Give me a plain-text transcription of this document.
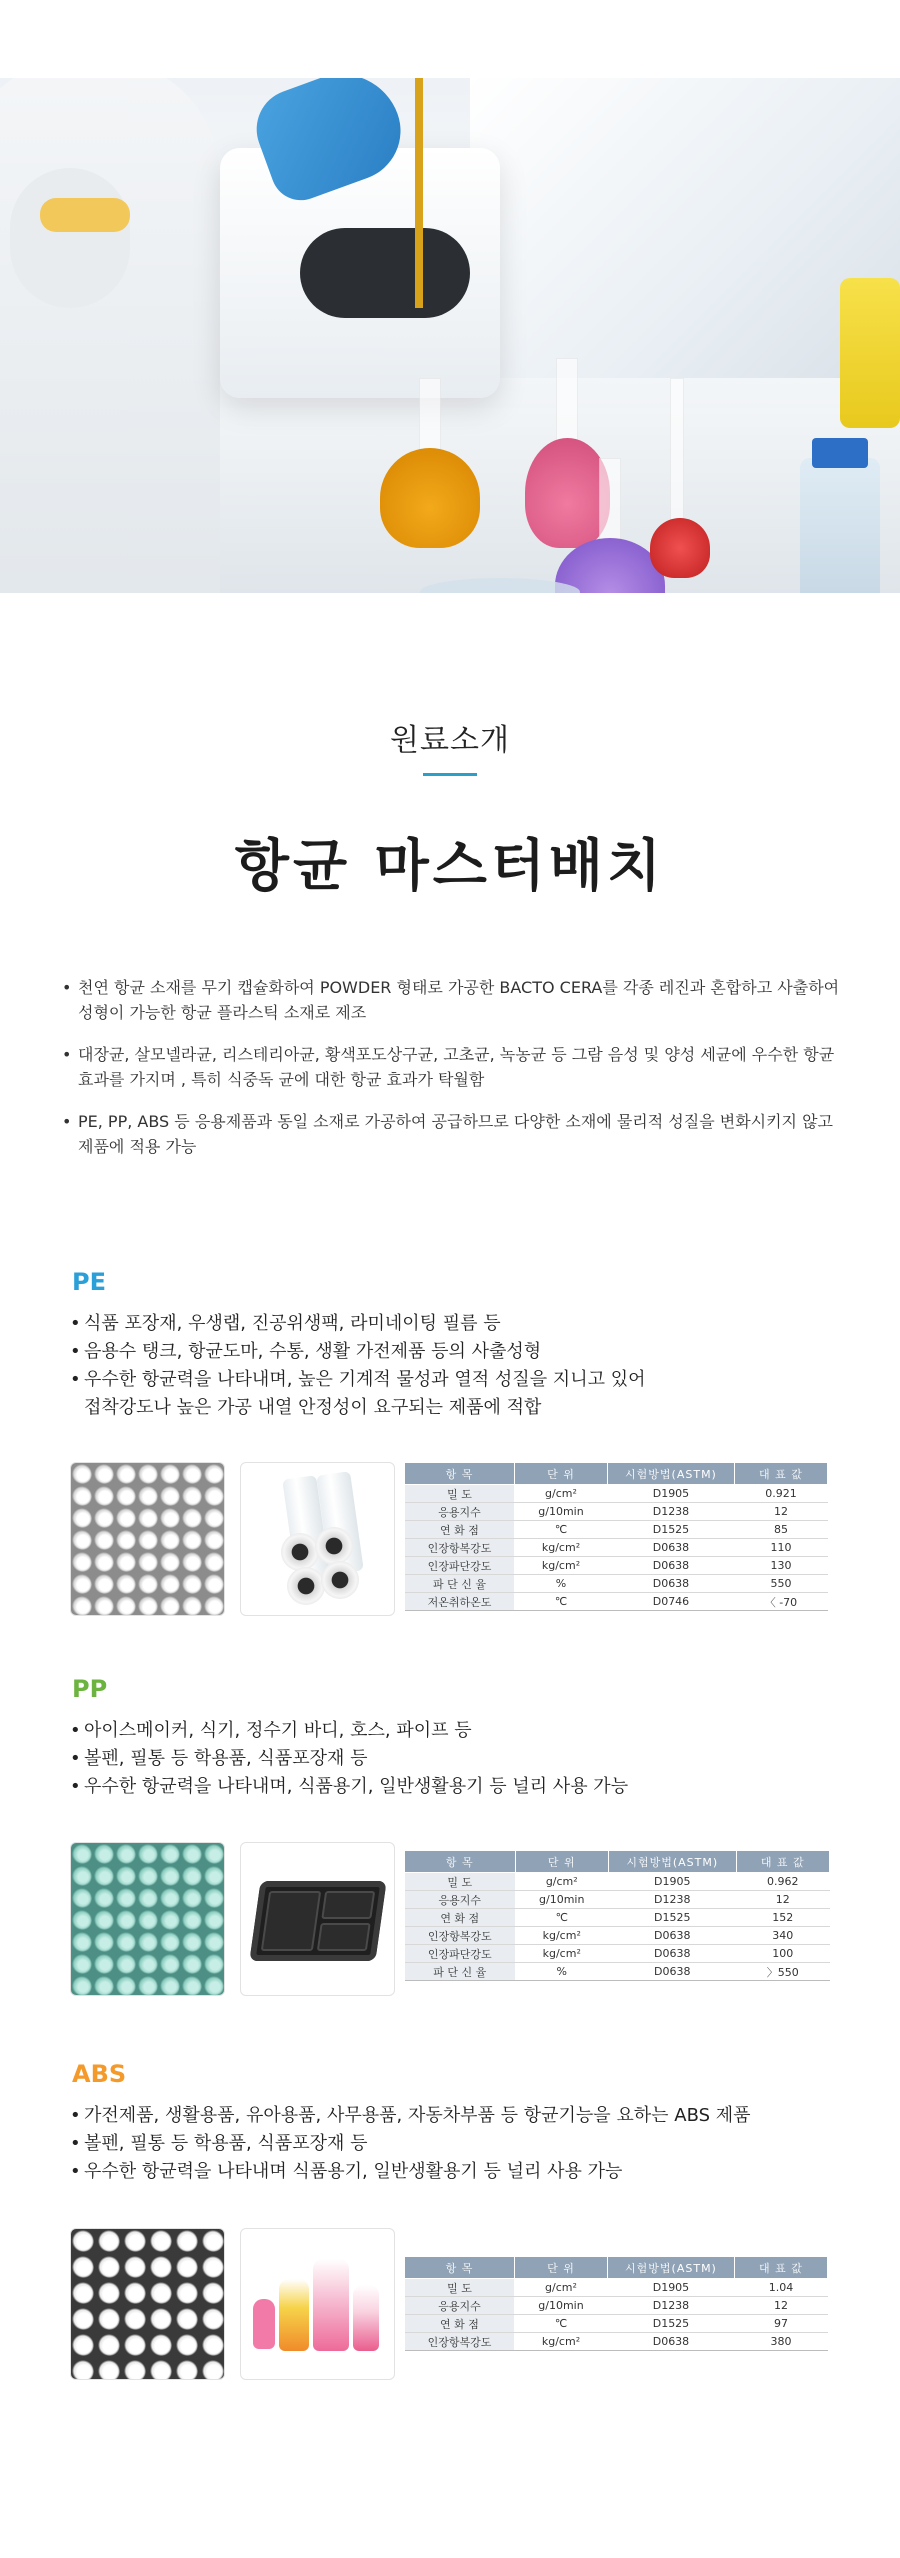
원료소개
항균 마스터배치
• 천연 항균 소재를 무기 캡슐화하여 POWDER 형태로 가공한 BACTO CERA를 각종 레진과 혼합하고 사출하여 성형이 가능한 항균 플라스틱 소재로 제조
• 대장균, 살모넬라균, 리스테리아균, 황색포도상구균, 고초균, 녹농균 등 그람 음성 및 양성 세균에 우수한 항균 효과를 가지며 , 특히 식중독 균에 대한 항균 효과가 탁월함
• PE, PP, ABS 등 응용제품과 동일 소재로 가공하여 공급하므로 다양한 소재에 물리적 성질을 변화시키지 않고 제품에 적용 가능
PE
• 식품 포장재, 우생랩, 진공위생팩, 라미네이팅 필름 등
• 음용수 탱크, 항균도마, 수통, 생활 가전제품 등의 사출성형
• 우수한 항균력을 나타내며, 높은 기계적 물성과 열적 성질을 지니고 있어
접착강도나 높은 가공 내열 안정성이 요구되는 제품에 적합
항 목	단 위	시험방법(ASTM)	대 표 값
밀 도	g/cm²	D1905	0.921
응용지수	g/10min	D1238	12
연 화 점	℃	D1525	85
인장항복강도	kg/cm²	D0638	110
인장파단강도	kg/cm²	D0638	130
파 단 신 율	%	D0638	550
저온취하온도	℃	D0746	〈 -70
PP
• 아이스메이커, 식기, 정수기 바디, 호스, 파이프 등
• 볼펜, 필통 등 학용품, 식품포장재 등
• 우수한 항균력을 나타내며, 식품용기, 일반생활용기 등 널리 사용 가능
항 목	단 위	시험방법(ASTM)	대 표 값
밀 도	g/cm²	D1905	0.962
응용지수	g/10min	D1238	12
연 화 점	℃	D1525	152
인장항복강도	kg/cm²	D0638	340
인장파단강도	kg/cm²	D0638	100
파 단 신 율	%	D0638	〉550
ABS
• 가전제품, 생활용품, 유아용품, 사무용품, 자동차부품 등 항균기능을 요하는 ABS 제품
• 볼펜, 필통 등 학용품, 식품포장재 등
• 우수한 항균력을 나타내며 식품용기, 일반생활용기 등 널리 사용 가능
항 목	단 위	시험방법(ASTM)	대 표 값
밀 도	g/cm²	D1905	1.04
응용지수	g/10min	D1238	12
연 화 점	℃	D1525	97
인장항복강도	kg/cm²	D0638	380
